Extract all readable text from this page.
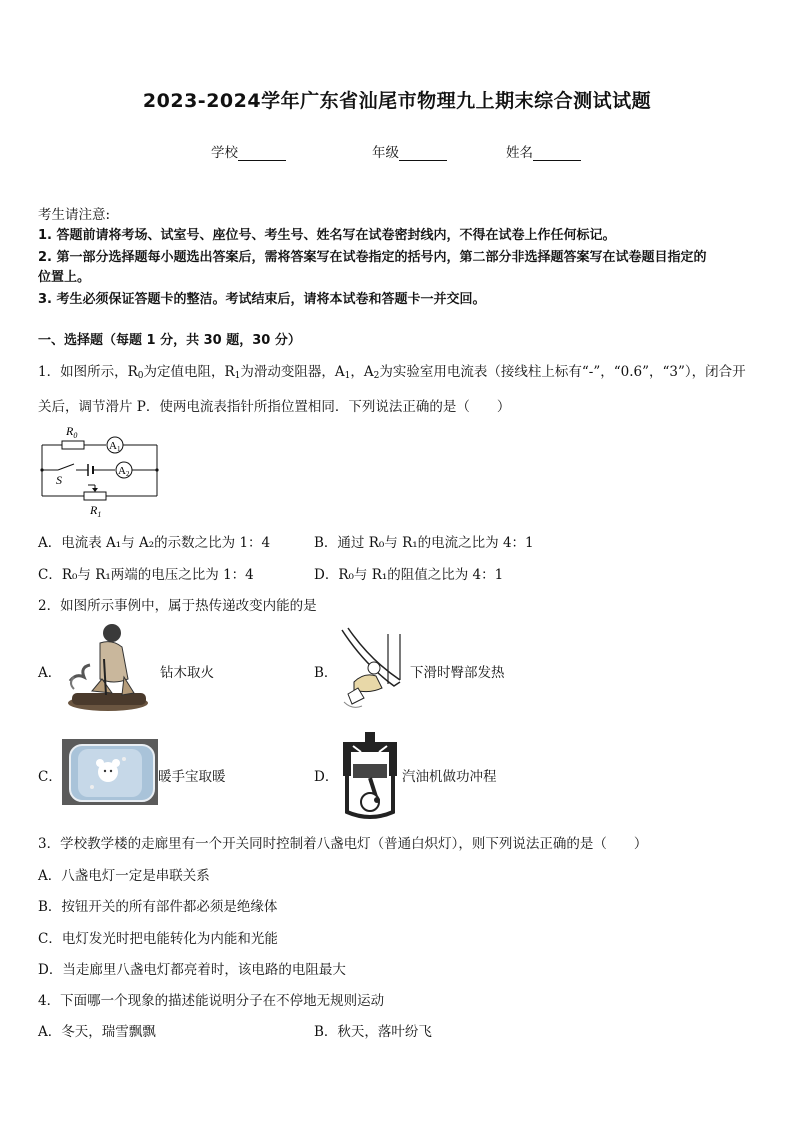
2023-2024学年广东省汕尾市物理九上期末综合测试试题
学校	年级	姓名
考生请注意:
1. 答题前请将考场、试室号、座位号、考生号、姓名写在试卷密封线内，不得在试卷上作任何标记。
2. 第一部分选择题每小题选出答案后，需将答案写在试卷指定的括号内，第二部分非选择题答案写在试卷题目指定的
位置上。
3. 考生必须保证答题卡的整洁。考试结束后，请将本试卷和答题卡一并交回。
一、选择题（每题 1 分，共 30 题，30 分）
1．如图所示，$R_0$为定值电阻，$R_1$为滑动变阻器，$A_1$，$A_2$为实验室用电流表（接线柱上标有“-”，“0.6”，“3”），闭合开
关后，调节滑片 P．使两电流表指针所指位置相同．下列说法正确的是（　　）
$R_0$
A1
A2
S
$R_1$
A．电流表 A₁与 A₂的示数之比为 1：4	B．通过 R₀与 R₁的电流之比为 4：1
C．R₀与 R₁两端的电压之比为 1：4	D．R₀与 R₁的阻值之比为 4：1
2．如图所示事例中，属于热传递改变内能的是
A．	钻木取火	B．	下滑时臀部发热
C．	暖手宝取暖	D．	汽油机做功冲程
3．学校教学楼的走廊里有一个开关同时控制着八盏电灯（普通白炽灯），则下列说法正确的是（　　）
A．八盏电灯一定是串联关系
B．按钮开关的所有部件都必须是绝缘体
C．电灯发光时把电能转化为内能和光能
D．当走廊里八盏电灯都亮着时，该电路的电阻最大
4．下面哪一个现象的描述能说明分子在不停地无规则运动
A．冬天，瑞雪飘飘	B．秋天，落叶纷飞
